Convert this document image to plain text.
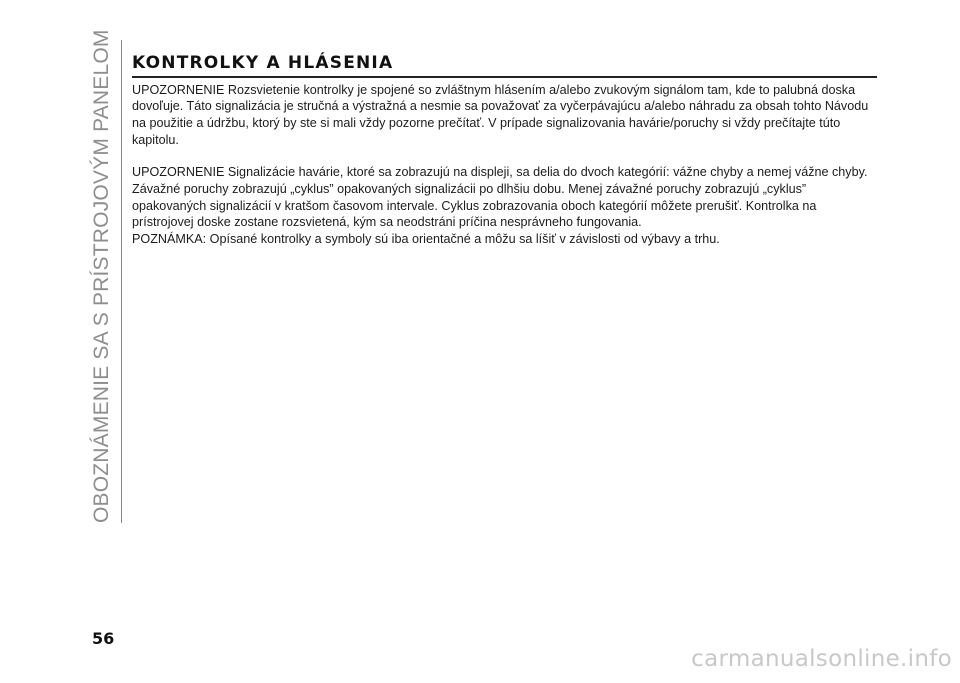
OBOZNÁMENIE SA S PRÍSTROJOVÝM PANELOM	KONTROLKY A HLÁSENIA

UPOZORNENIE Rozsvietenie kontrolky je spojené so zvláštnym hlásením a/alebo zvukovým signálom tam, kde to palubná doska dovoľuje. Táto signalizácia je stručná a výstražná a nesmie sa považovať za vyčerpávajúcu a/alebo náhradu za obsah tohto Návodu na použitie a údržbu, ktorý by ste si mali vždy pozorne prečítať. V prípade signalizovania havárie/poruchy si vždy prečítajte túto kapitolu.

UPOZORNENIE Signalizácie havárie, ktoré sa zobrazujú na displeji, sa delia do dvoch kategórií: vážne chyby a nemej vážne chyby. Závažné poruchy zobrazujú „cyklus” opakovaných signalizácii po dlhšiu dobu. Menej závažné poruchy zobrazujú „cyklus” opakovaných signalizácií v kratšom časovom intervale. Cyklus zobrazovania oboch kategórií môžete prerušiť. Kontrolka na prístrojovej doske zostane rozsvietená, kým sa neodstráni príčina nesprávneho fungovania.

POZNÁMKA: Opísané kontrolky a symboly sú iba orientačné a môžu sa líšiť v závislosti od výbavy a trhu.

56
carmanualsonline.info
